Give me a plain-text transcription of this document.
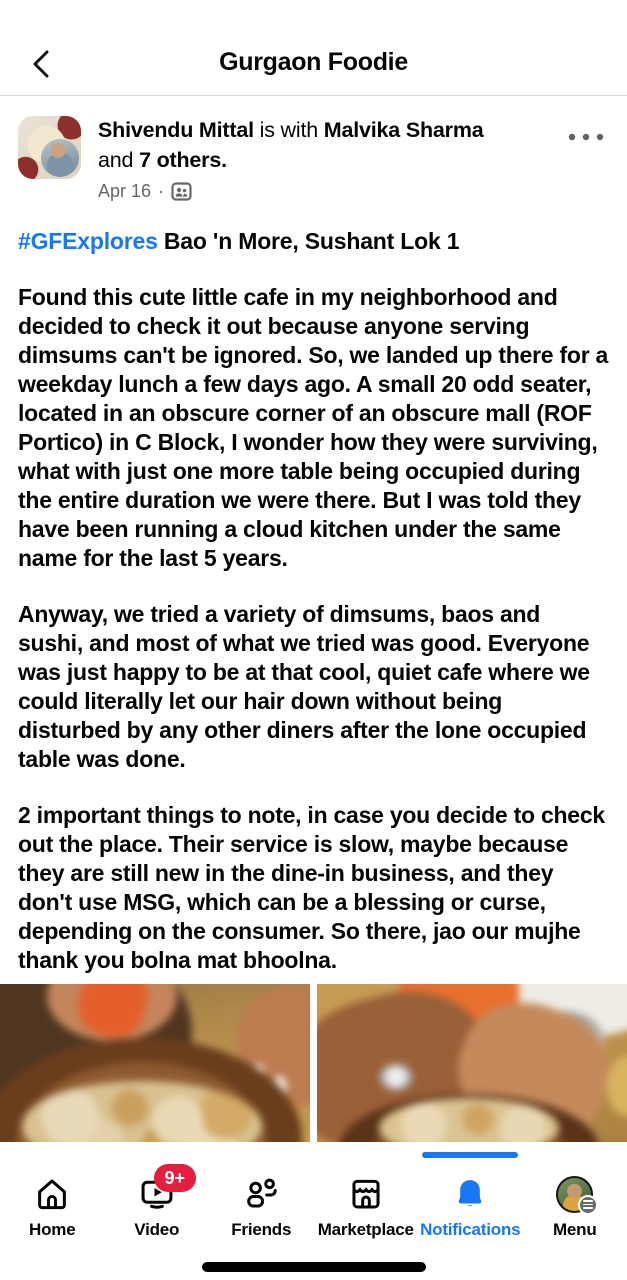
Gurgaon Foodie
Shivendu Mittal is with Malvika Sharma and 7 others.
Apr 16 ·
#GFExplores Bao 'n More, Sushant Lok 1

Found this cute little cafe in my neighborhood and decided to check it out because anyone serving dimsums can't be ignored. So, we landed up there for a weekday lunch a few days ago. A small 20 odd seater, located in an obscure corner of an obscure mall (ROF Portico) in C Block, I wonder how they were surviving, what with just one more table being occupied during the entire duration we were there. But I was told they have been running a cloud kitchen under the same name for the last 5 years.

Anyway, we tried a variety of dimsums, baos and sushi, and most of what we tried was good. Everyone was just happy to be at that cool, quiet cafe where we could literally let our hair down without being disturbed by any other diners after the lone occupied table was done.

2 important things to note, in case you decide to check out the place. Their service is slow, maybe because they are still new in the dine-in business, and they don't use MSG, which can be a blessing or curse, depending on the consumer. So there, jao our mujhe thank you bolna mat bhoolna.

Home
9+
Video	Friends Marketplace Notifications Menu
